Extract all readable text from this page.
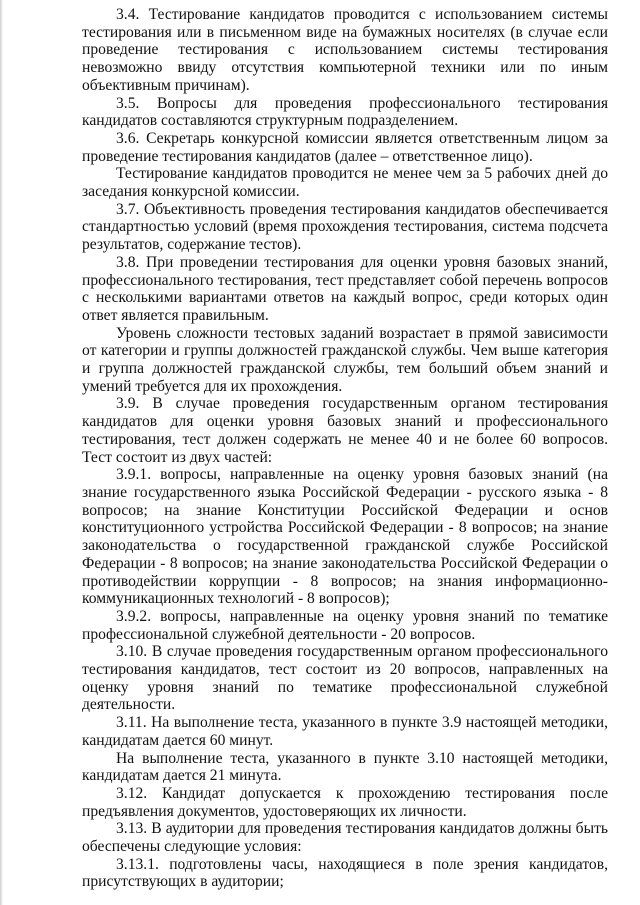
3.4. Тестирование кандидатов проводится с использованием системы тестирования или в письменном виде на бумажных носителях (в случае если проведение тестирования с использованием системы тестирования невозможно ввиду отсутствия компьютерной техники или по иным объективным причинам).

3.5. Вопросы для проведения профессионального тестирования кандидатов составляются структурным подразделением.

3.6. Секретарь конкурсной комиссии является ответственным лицом за проведение тестирования кандидатов (далее – ответственное лицо).

Тестирование кандидатов проводится не менее чем за 5 рабочих дней до заседания конкурсной комиссии.

3.7. Объективность проведения тестирования кандидатов обеспечивается стандартностью условий (время прохождения тестирования, система подсчета результатов, содержание тестов).

3.8. При проведении тестирования для оценки уровня базовых знаний, профессионального тестирования, тест представляет собой перечень вопросов с несколькими вариантами ответов на каждый вопрос, среди которых один ответ является правильным.

Уровень сложности тестовых заданий возрастает в прямой зависимости от категории и группы должностей гражданской службы. Чем выше категория и группа должностей гражданской службы, тем больший объем знаний и умений требуется для их прохождения.

3.9. В случае проведения государственным органом тестирования кандидатов для оценки уровня базовых знаний и профессионального тестирования, тест должен содержать не менее 40 и не более 60 вопросов. Тест состоит из двух частей:

3.9.1. вопросы, направленные на оценку уровня базовых знаний (на знание государственного языка Российской Федерации - русского языка - 8 вопросов; на знание Конституции Российской Федерации и основ конституционного устройства Российской Федерации - 8 вопросов; на знание законодательства о государственной гражданской службе Российской Федерации - 8 вопросов; на знание законодательства Российской Федерации о противодействии коррупции - 8 вопросов; на знания информационно-коммуникационных технологий - 8 вопросов);

3.9.2. вопросы, направленные на оценку уровня знаний по тематике профессиональной служебной деятельности - 20 вопросов.

3.10. В случае проведения государственным органом профессионального тестирования кандидатов, тест состоит из 20 вопросов, направленных на оценку уровня знаний по тематике профессиональной служебной деятельности.

3.11. На выполнение теста, указанного в пункте 3.9 настоящей методики, кандидатам дается 60 минут.

На выполнение теста, указанного в пункте 3.10 настоящей методики, кандидатам дается 21 минута.

3.12. Кандидат допускается к прохождению тестирования после предъявления документов, удостоверяющих их личности.

3.13. В аудитории для проведения тестирования кандидатов должны быть обеспечены следующие условия:

3.13.1. подготовлены часы, находящиеся в поле зрения кандидатов, присутствующих в аудитории;
